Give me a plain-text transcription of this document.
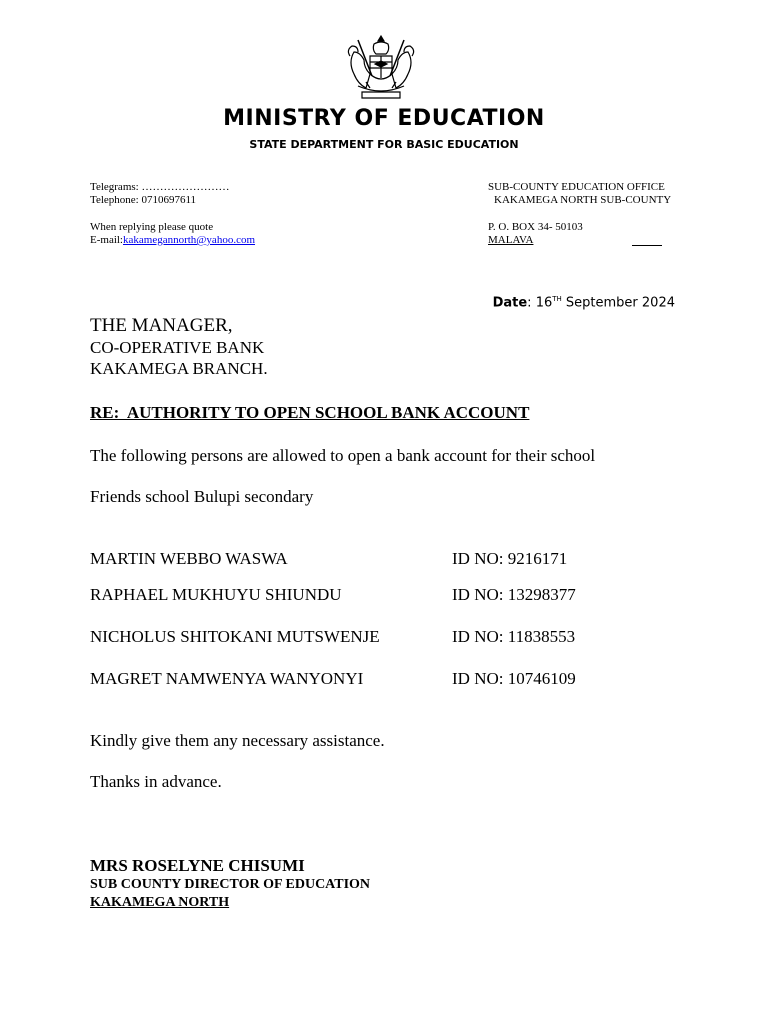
MINISTRY OF EDUCATION
STATE DEPARTMENT FOR BASIC EDUCATION
Telegrams: ……………………
Telephone: 0710697611
When replying please quote
E-mail:kakamegannorth@yahoo.com
SUB-COUNTY EDUCATION OFFICE
KAKAMEGA NORTH SUB-COUNTY
P. O. BOX 34- 50103
MALAVA
Date: 16TH September 2024
THE MANAGER,
CO-OPERATIVE BANK
KAKAMEGA BRANCH.
RE:  AUTHORITY TO OPEN SCHOOL BANK ACCOUNT
The following persons are allowed to open a bank account for their school
Friends school Bulupi secondary
MARTIN WEBBO WASWA	ID NO: 9216171
RAPHAEL MUKHUYU SHIUNDU	ID NO: 13298377
NICHOLUS SHITOKANI MUTSWENJE	ID NO: 11838553
MAGRET NAMWENYA WANYONYI	ID NO: 10746109
Kindly give them any necessary assistance.
Thanks in advance.
MRS ROSELYNE CHISUMI
SUB COUNTY DIRECTOR OF EDUCATION
KAKAMEGA NORTH
